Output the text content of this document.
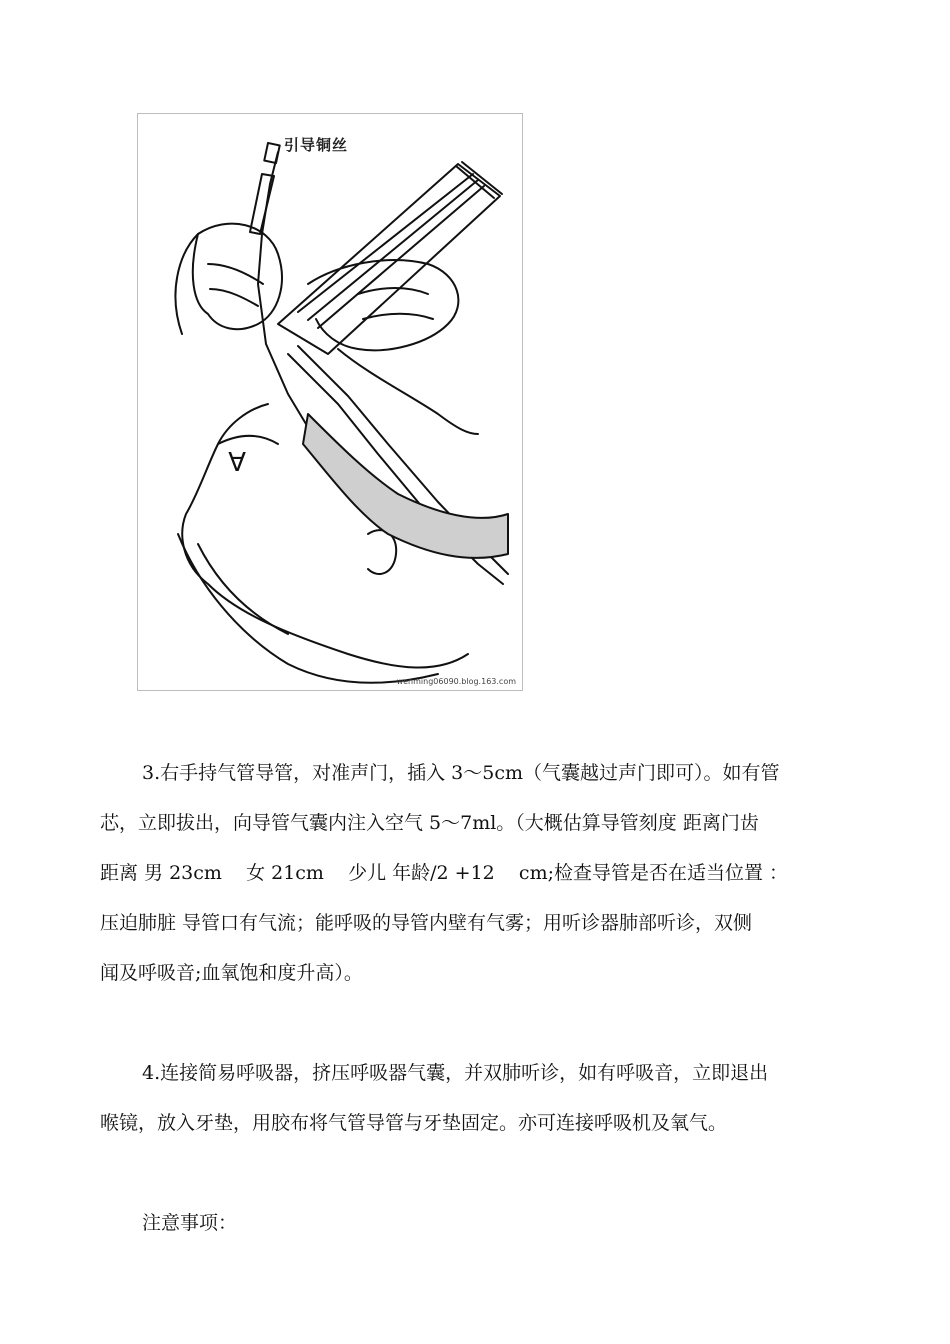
A
引导铜丝
wenming06090.blog.163.com
3.右手持气管导管，对准声门，插入 3～5cm（气囊越过声门即可）。如有管
芯，立即拔出，向导管气囊内注入空气 5～7ml。（大概估算导管刻度 距离门齿
距离 男 23cm    女 21cm    少儿 年龄/2 +12    cm;检查导管是否在适当位置 ：
压迫肺脏 导管口有气流；能呼吸的导管内壁有气雾；用听诊器肺部听诊，双侧
闻及呼吸音;血氧饱和度升高）。
4.连接简易呼吸器，挤压呼吸器气囊，并双肺听诊，如有呼吸音，立即退出
喉镜，放入牙垫，用胶布将气管导管与牙垫固定。亦可连接呼吸机及氧气。
注意事项：
